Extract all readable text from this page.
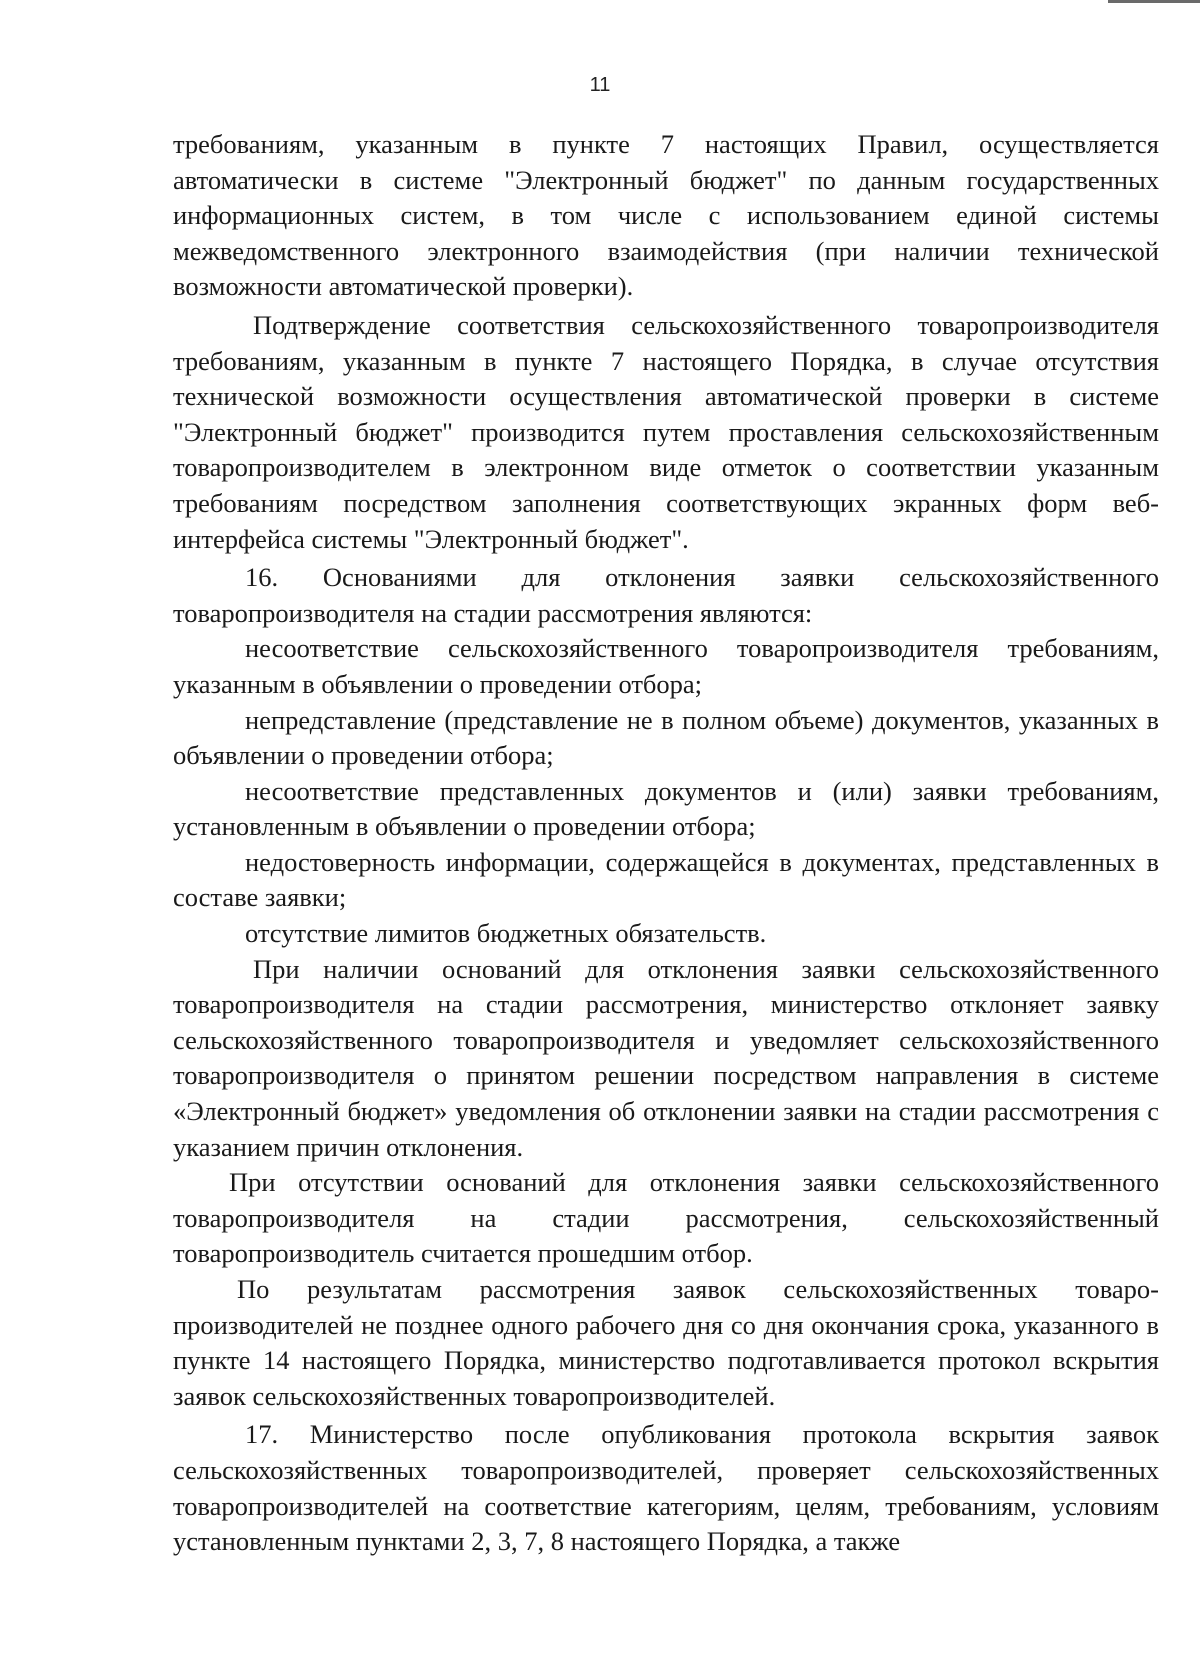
11

требованиям, указанным в пункте 7 настоящих Правил, осуществляется автоматически в системе "Электронный бюджет" по данным государственных информационных систем, в том числе с использованием единой системы межведомственного электронного взаимодействия (при наличии технической возможности автоматической проверки).

Подтверждение соответствия сельскохозяйственного товаропроизводителя требованиям, указанным в пункте 7 настоящего Порядка, в случае отсутствия технической возможности осуществления автоматической проверки в системе "Электронный бюджет" производится путем проставления сельскохозяйственным товаропроизводителем в электронном виде отметок о соответствии указанным требованиям посредством заполнения соответствующих экранных форм веб-интерфейса системы "Электронный бюджет".

16. Основаниями для отклонения заявки сельскохозяйственного товаропроизводителя на стадии рассмотрения являются:

несоответствие сельскохозяйственного товаропроизводителя требованиям, указанным в объявлении о проведении отбора;

непредставление (представление не в полном объеме) документов, указанных в объявлении о проведении отбора;

несоответствие представленных документов и (или) заявки требованиям, установленным в объявлении о проведении отбора;

недостоверность информации, содержащейся в документах, представленных в составе заявки;

отсутствие лимитов бюджетных обязательств.

При наличии оснований для отклонения заявки сельскохозяйственного товаропроизводителя на стадии рассмотрения, министерство отклоняет заявку сельскохозяйственного товаропроизводителя и уведомляет сельскохозяйственного товаропроизводителя о принятом решении посредством направления в системе «Электронный бюджет» уведомления об отклонении заявки на стадии рассмотрения с указанием причин отклонения.

При отсутствии оснований для отклонения заявки сельскохозяйственного товаропроизводителя на стадии рассмотрения, сельскохозяйственный товаропроизводитель считается прошедшим отбор.

По результатам рассмотрения заявок сельскохозяйственных товаропроизводителей не позднее одного рабочего дня со дня окончания срока, указанного в пункте 14 настоящего Порядка, министерство подготавливается протокол вскрытия заявок сельскохозяйственных товаропроизводителей.

17. Министерство после опубликования протокола вскрытия заявок сельскохозяйственных товаропроизводителей, проверяет сельскохозяйственных товаропроизводителей на соответствие категориям, целям, требованиям, условиям установленным пунктами 2, 3, 7, 8 настоящего Порядка, а также
